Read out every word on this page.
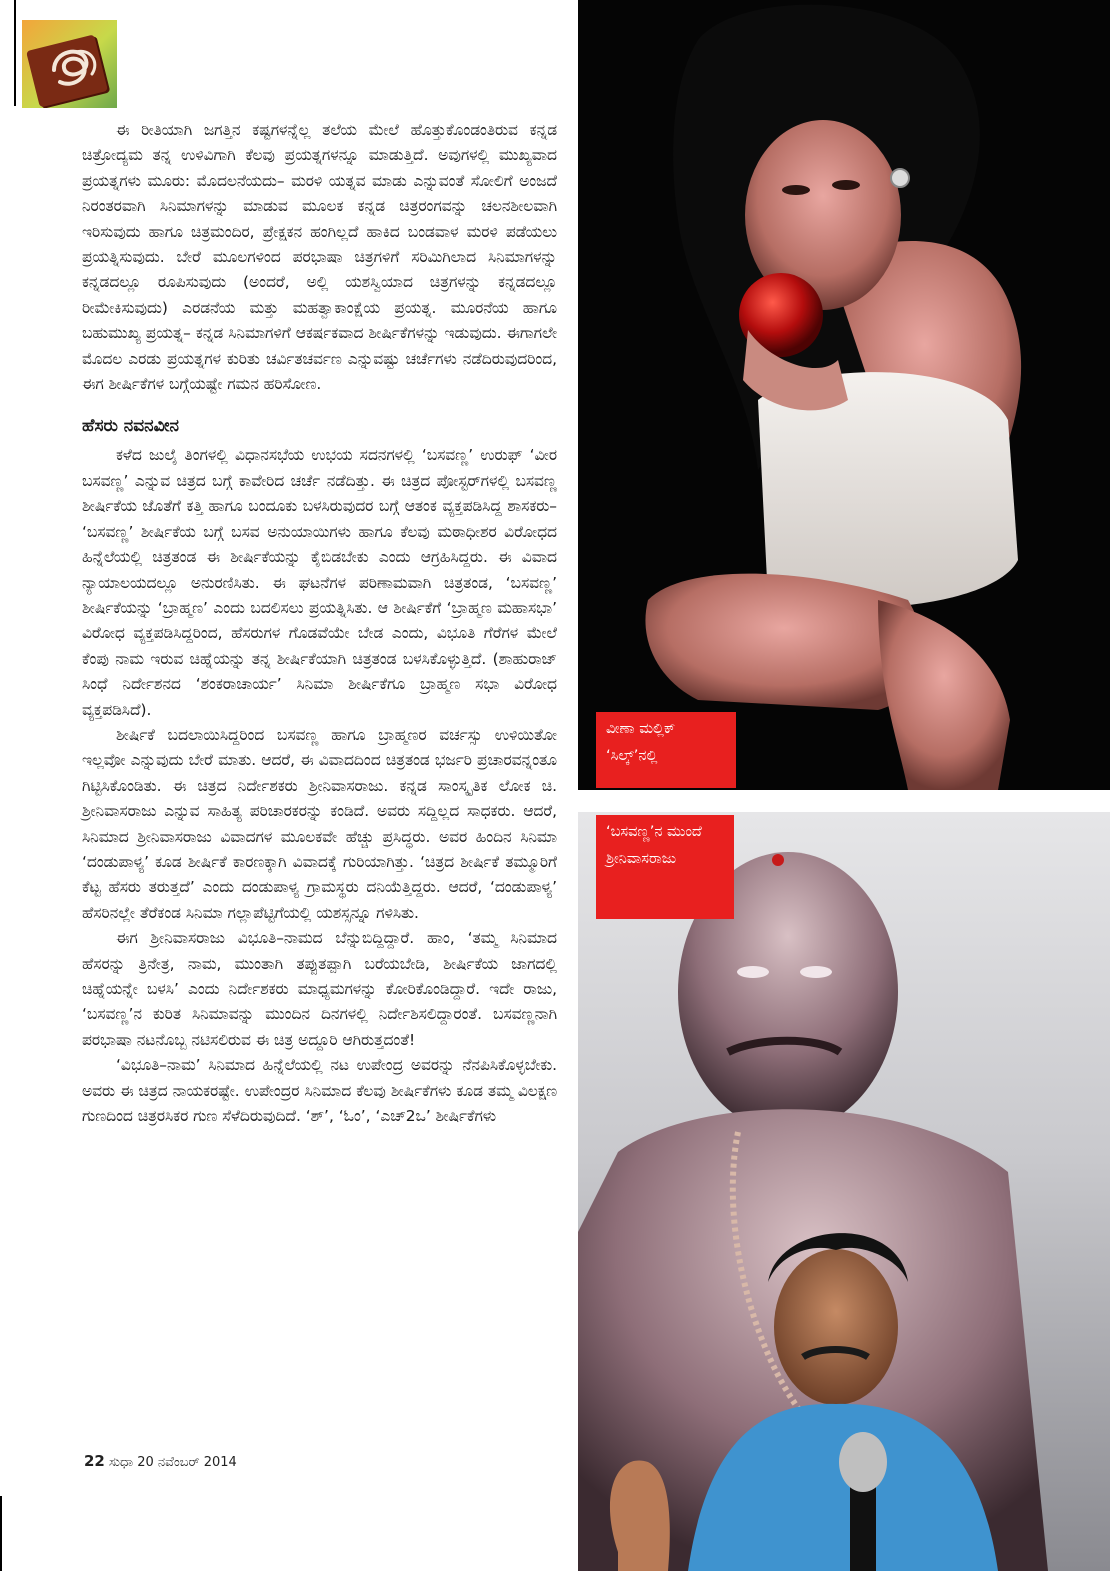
ಈ ರೀತಿಯಾಗಿ ಜಗತ್ತಿನ ಕಷ್ಟಗಳನ್ನೆಲ್ಲ ತಲೆಯ ಮೇಲೆ ಹೊತ್ತುಕೊಂಡಂತಿರುವ ಕನ್ನಡ ಚಿತ್ರೋದ್ಯಮ ತನ್ನ ಉಳಿವಿಗಾಗಿ ಕೆಲವು ಪ್ರಯತ್ನಗಳನ್ನೂ ಮಾಡುತ್ತಿದೆ. ಅವುಗಳಲ್ಲಿ ಮುಖ್ಯವಾದ ಪ್ರಯತ್ನಗಳು ಮೂರು: ಮೊದಲನೆಯದು– ಮರಳಿ ಯತ್ನವ ಮಾಡು ಎನ್ನುವಂತೆ ಸೋಲಿಗೆ ಅಂಜದೆ ನಿರಂತರವಾಗಿ ಸಿನಿಮಾಗಳನ್ನು ಮಾಡುವ ಮೂಲಕ ಕನ್ನಡ ಚಿತ್ರರಂಗವನ್ನು ಚಲನಶೀಲವಾಗಿ ಇರಿಸುವುದು ಹಾಗೂ ಚಿತ್ರಮಂದಿರ, ಪ್ರೇಕ್ಷಕನ ಹಂಗಿಲ್ಲದೆ ಹಾಕಿದ ಬಂಡವಾಳ ಮರಳಿ ಪಡೆಯಲು ಪ್ರಯತ್ನಿಸುವುದು. ಬೇರೆ ಮೂಲಗಳಿಂದ ಪರಭಾಷಾ ಚಿತ್ರಗಳಿಗೆ ಸರಿಮಿಗಿಲಾದ ಸಿನಿಮಾಗಳನ್ನು ಕನ್ನಡದಲ್ಲೂ ರೂಪಿಸುವುದು (ಅಂದರೆ, ಅಲ್ಲಿ ಯಶಸ್ವಿಯಾದ ಚಿತ್ರಗಳನ್ನು ಕನ್ನಡದಲ್ಲೂ ರೀಮೇಕಿಸುವುದು) ಎರಡನೆಯ ಮತ್ತು ಮಹತ್ವಾಕಾಂಕ್ಷೆಯ ಪ್ರಯತ್ನ. ಮೂರನೆಯ ಹಾಗೂ ಬಹುಮುಖ್ಯ ಪ್ರಯತ್ನ– ಕನ್ನಡ ಸಿನಿಮಾಗಳಿಗೆ ಆಕರ್ಷಕವಾದ ಶೀರ್ಷಿಕೆಗಳನ್ನು ಇಡುವುದು. ಈಗಾಗಲೇ ಮೊದಲ ಎರಡು ಪ್ರಯತ್ನಗಳ ಕುರಿತು ಚರ್ವಿತಚರ್ವಣ ಎನ್ನುವಷ್ಟು ಚರ್ಚೆಗಳು ನಡೆದಿರುವುದರಿಂದ, ಈಗ ಶೀರ್ಷಿಕೆಗಳ ಬಗ್ಗೆಯಷ್ಟೇ ಗಮನ ಹರಿಸೋಣ.

ಹೆಸರು ನವನವೀನ

ಕಳೆದ ಜುಲೈ ತಿಂಗಳಲ್ಲಿ ವಿಧಾನಸಭೆಯ ಉಭಯ ಸದನಗಳಲ್ಲಿ ‘ಬಸವಣ್ಣ’ ಉರುಫ್ ‘ವೀರ ಬಸವಣ್ಣ’ ಎನ್ನುವ ಚಿತ್ರದ ಬಗ್ಗೆ ಕಾವೇರಿದ ಚರ್ಚೆ ನಡೆದಿತ್ತು. ಈ ಚಿತ್ರದ ಪೋಸ್ಟರ್‌ಗಳಲ್ಲಿ ಬಸವಣ್ಣ ಶೀರ್ಷಿಕೆಯ ಜೊತೆಗೆ ಕತ್ತಿ ಹಾಗೂ ಬಂದೂಕು ಬಳಸಿರುವುದರ ಬಗ್ಗೆ ಆತಂಕ ವ್ಯಕ್ತಪಡಿಸಿದ್ದ ಶಾಸಕರು– ‘ಬಸವಣ್ಣ’ ಶೀರ್ಷಿಕೆಯ ಬಗ್ಗೆ ಬಸವ ಅನುಯಾಯಿಗಳು ಹಾಗೂ ಕೆಲವು ಮಠಾಧೀಶರ ವಿರೋಧದ ಹಿನ್ನೆಲೆಯಲ್ಲಿ ಚಿತ್ರತಂಡ ಈ ಶೀರ್ಷಿಕೆಯನ್ನು ಕೈಬಿಡಬೇಕು ಎಂದು ಆಗ್ರಹಿಸಿದ್ದರು. ಈ ವಿವಾದ ನ್ಯಾಯಾಲಯದಲ್ಲೂ ಅನುರಣಿಸಿತು. ಈ ಘಟನೆಗಳ ಪರಿಣಾಮವಾಗಿ ಚಿತ್ರತಂಡ, ‘ಬಸವಣ್ಣ’ ಶೀರ್ಷಿಕೆಯನ್ನು ‘ಬ್ರಾಹ್ಮಣ’ ಎಂದು ಬದಲಿಸಲು ಪ್ರಯತ್ನಿಸಿತು. ಆ ಶೀರ್ಷಿಕೆಗೆ ‘ಬ್ರಾಹ್ಮಣ ಮಹಾಸಭಾ’ ವಿರೋಧ ವ್ಯಕ್ತಪಡಿಸಿದ್ದರಿಂದ, ಹೆಸರುಗಳ ಗೊಡವೆಯೇ ಬೇಡ ಎಂದು, ವಿಭೂತಿ ಗೆರೆಗಳ ಮೇಲೆ ಕೆಂಪು ನಾಮ ಇರುವ ಚಿಹ್ನೆಯನ್ನು ತನ್ನ ಶೀರ್ಷಿಕೆಯಾಗಿ ಚಿತ್ರತಂಡ ಬಳಸಿಕೊಳ್ಳುತ್ತಿದೆ. (ಶಾಹುರಾಜ್ ಸಿಂಧೆ ನಿರ್ದೇಶನದ ‘ಶಂಕರಾಚಾರ್ಯ’ ಸಿನಿಮಾ ಶೀರ್ಷಿಕೆಗೂ ಬ್ರಾಹ್ಮಣ ಸಭಾ ವಿರೋಧ ವ್ಯಕ್ತಪಡಿಸಿದೆ).

ಶೀರ್ಷಿಕೆ ಬದಲಾಯಿಸಿದ್ದರಿಂದ ಬಸವಣ್ಣ ಹಾಗೂ ಬ್ರಾಹ್ಮಣರ ವರ್ಚಸ್ಸು ಉಳಿಯಿತೋ ಇಲ್ಲವೋ ಎನ್ನುವುದು ಬೇರೆ ಮಾತು. ಆದರೆ, ಈ ವಿವಾದದಿಂದ ಚಿತ್ರತಂಡ ಭರ್ಜರಿ ಪ್ರಚಾರವನ್ನಂತೂ ಗಿಟ್ಟಿಸಿಕೊಂಡಿತು. ಈ ಚಿತ್ರದ ನಿರ್ದೇಶಕರು ಶ್ರೀನಿವಾಸರಾಜು. ಕನ್ನಡ ಸಾಂಸ್ಕೃತಿಕ ಲೋಕ ಚಿ. ಶ್ರೀನಿವಾಸರಾಜು ಎನ್ನುವ ಸಾಹಿತ್ಯ ಪರಿಚಾರಕರನ್ನು ಕಂಡಿದೆ. ಅವರು ಸದ್ದಿಲ್ಲದ ಸಾಧಕರು. ಆದರೆ, ಸಿನಿಮಾದ ಶ್ರೀನಿವಾಸರಾಜು ವಿವಾದಗಳ ಮೂಲಕವೇ ಹೆಚ್ಚು ಪ್ರಸಿದ್ಧರು. ಅವರ ಹಿಂದಿನ ಸಿನಿಮಾ ‘ದಂಡುಪಾಳ್ಯ’ ಕೂಡ ಶೀರ್ಷಿಕೆ ಕಾರಣಕ್ಕಾಗಿ ವಿವಾದಕ್ಕೆ ಗುರಿಯಾಗಿತ್ತು. ‘ಚಿತ್ರದ ಶೀರ್ಷಿಕೆ ತಮ್ಮೂರಿಗೆ ಕೆಟ್ಟ ಹೆಸರು ತರುತ್ತದೆ’ ಎಂದು ದಂಡುಪಾಳ್ಯ ಗ್ರಾಮಸ್ಥರು ದನಿಯೆತ್ತಿದ್ದರು. ಆದರೆ, ‘ದಂಡುಪಾಳ್ಯ’ ಹೆಸರಿನಲ್ಲೇ ತೆರೆಕಂಡ ಸಿನಿಮಾ ಗಲ್ಲಾಪೆಟ್ಟಿಗೆಯಲ್ಲಿ ಯಶಸ್ಸನ್ನೂ ಗಳಿಸಿತು.

ಈಗ ಶ್ರೀನಿವಾಸರಾಜು ವಿಭೂತಿ–ನಾಮದ ಬೆನ್ನುಬಿದ್ದಿದ್ದಾರೆ. ಹಾಂ, ‘ತಮ್ಮ ಸಿನಿಮಾದ ಹೆಸರನ್ನು ತ್ರಿನೇತ್ರ, ನಾಮ, ಮುಂತಾಗಿ ತಪ್ಪುತಪ್ಪಾಗಿ ಬರೆಯಬೇಡಿ, ಶೀರ್ಷಿಕೆಯ ಜಾಗದಲ್ಲಿ ಚಿಹ್ನೆಯನ್ನೇ ಬಳಸಿ’ ಎಂದು ನಿರ್ದೇಶಕರು ಮಾಧ್ಯಮಗಳನ್ನು ಕೋರಿಕೊಂಡಿದ್ದಾರೆ. ಇದೇ ರಾಜು, ‘ಬಸವಣ್ಣ’ನ ಕುರಿತ ಸಿನಿಮಾವನ್ನು ಮುಂದಿನ ದಿನಗಳಲ್ಲಿ ನಿರ್ದೇಶಿಸಲಿದ್ದಾರಂತೆ. ಬಸವಣ್ಣನಾಗಿ ಪರಭಾಷಾ ನಟನೊಬ್ಬ ನಟಿಸಲಿರುವ ಈ ಚಿತ್ರ ಅದ್ದೂರಿ ಆಗಿರುತ್ತದಂತೆ!

‘ವಿಭೂತಿ–ನಾಮ’ ಸಿನಿಮಾದ ಹಿನ್ನೆಲೆಯಲ್ಲಿ ನಟ ಉಪೇಂದ್ರ ಅವರನ್ನು ನೆನಪಿಸಿಕೊಳ್ಳಬೇಕು. ಅವರು ಈ ಚಿತ್ರದ ನಾಯಕರಷ್ಟೇ. ಉಪೇಂದ್ರರ ಸಿನಿಮಾದ ಕೆಲವು ಶೀರ್ಷಿಕೆಗಳು ಕೂಡ ತಮ್ಮ ವಿಲಕ್ಷಣ ಗುಣದಿಂದ ಚಿತ್ರರಸಿಕರ ಗುಣ ಸೆಳೆದಿರುವುದಿದೆ. ‘ಶ್’, ‘ಓಂ’, ‘ಎಚ್2ಒ’ ಶೀರ್ಷಿಕೆಗಳು

22 ಸುಧಾ 20 ನವೆಂಬರ್ 2014
ವೀಣಾ ಮಲ್ಲಿಕ್ ‘ಸಿಲ್ಕ್’ನಲ್ಲಿ
‘ಬಸವಣ್ಣ’ನ ಮುಂದೆ ಶ್ರೀನಿವಾಸರಾಜು
